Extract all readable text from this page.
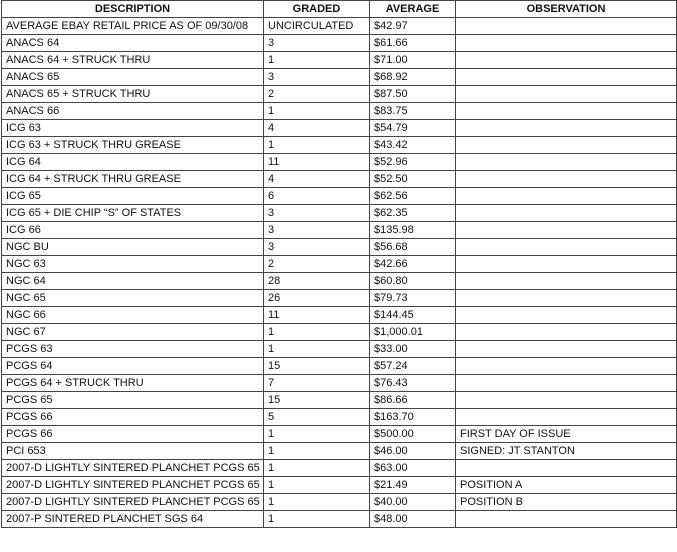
DESCRIPTION	GRADED	AVERAGE	OBSERVATION
AVERAGE EBAY RETAIL PRICE AS OF 09/30/08	UNCIRCULATED	$42.97	
ANACS 64	3	$61.66	
ANACS 64 + STRUCK THRU	1	$71.00	
ANACS 65	3	$68.92	
ANACS 65 + STRUCK THRU	2	$87.50	
ANACS 66	1	$83.75	
ICG 63	4	$54.79	
ICG 63 + STRUCK THRU GREASE	1	$43.42	
ICG 64	11	$52.96	
ICG 64 + STRUCK THRU GREASE	4	$52.50	
ICG 65	6	$62.56	
ICG 65 + DIE CHIP “S” OF STATES	3	$62.35	
ICG 66	3	$135.98	
NGC BU	3	$56.68	
NGC 63	2	$42.66	
NGC 64	28	$60.80	
NGC 65	26	$79.73	
NGC 66	11	$144.45	
NGC 67	1	$1,000.01	
PCGS 63	1	$33.00	
PCGS 64	15	$57.24	
PCGS 64 + STRUCK THRU	7	$76.43	
PCGS 65	15	$86.66	
PCGS 66	5	$163.70	
PCGS 66	1	$500.00	FIRST DAY OF ISSUE
PCI 653	1	$46.00	SIGNED: JT STANTON
2007-D LIGHTLY SINTERED PLANCHET PCGS 65	1	$63.00	
2007-D LIGHTLY SINTERED PLANCHET PCGS 65	1	$21.49	POSITION A
2007-D LIGHTLY SINTERED PLANCHET PCGS 65	1	$40.00	POSITION B
2007-P SINTERED PLANCHET SGS 64	1	$48.00	
